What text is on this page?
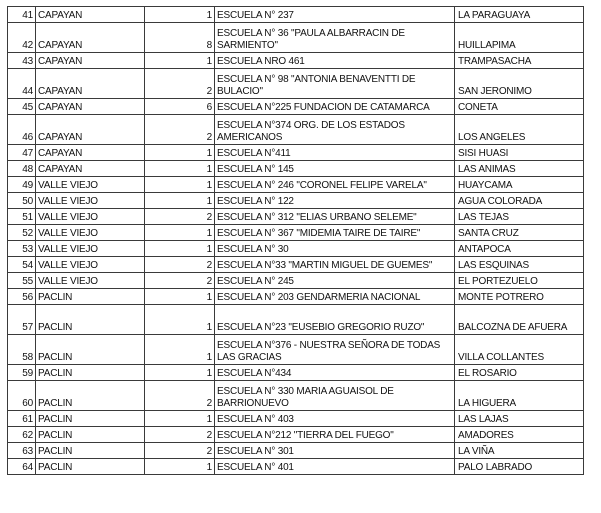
41	CAPAYAN	1	ESCUELA N° 237	LA PARAGUAYA
42	CAPAYAN	8	ESCUELA N° 36 "PAULA ALBARRACIN DE SARMIENTO"	HUILLAPIMA
43	CAPAYAN	1	ESCUELA NRO 461	TRAMPASACHA
44	CAPAYAN	2	ESCUELA N° 98 "ANTONIA BENAVENTTI DE BULACIO"	SAN JERONIMO
45	CAPAYAN	6	ESCUELA N°225 FUNDACION DE CATAMARCA	CONETA
46	CAPAYAN	2	ESCUELA N°374 ORG. DE LOS ESTADOS AMERICANOS	LOS ANGELES
47	CAPAYAN	1	ESCUELA N°411	SISI HUASI
48	CAPAYAN	1	ESCUELA N° 145	LAS ANIMAS
49	VALLE VIEJO	1	ESCUELA N° 246 "CORONEL FELIPE VARELA"	HUAYCAMA
50	VALLE VIEJO	1	ESCUELA N° 122	AGUA COLORADA
51	VALLE VIEJO	2	ESCUELA N° 312 "ELIAS URBANO SELEME"	LAS TEJAS
52	VALLE VIEJO	1	ESCUELA N° 367 "MIDEMIA TAIRE DE TAIRE"	SANTA CRUZ
53	VALLE VIEJO	1	ESCUELA N° 30	ANTAPOCA
54	VALLE VIEJO	2	ESCUELA N°33 "MARTIN MIGUEL DE GUEMES"	LAS ESQUINAS
55	VALLE VIEJO	2	ESCUELA N° 245	EL PORTEZUELO
56	PACLIN	1	ESCUELA N° 203 GENDARMERIA NACIONAL	MONTE POTRERO
57	PACLIN	1	ESCUELA N°23 "EUSEBIO GREGORIO RUZO"	BALCOZNA DE AFUERA
58	PACLIN	1	ESCUELA N°376 - NUESTRA SEÑORA DE TODAS LAS GRACIAS	VILLA COLLANTES
59	PACLIN	1	ESCUELA N°434	EL ROSARIO
60	PACLIN	2	ESCUELA N° 330 MARIA AGUAISOL DE BARRIONUEVO	LA HIGUERA
61	PACLIN	1	ESCUELA N° 403	LAS LAJAS
62	PACLIN	2	ESCUELA N°212 "TIERRA DEL FUEGO"	AMADORES
63	PACLIN	2	ESCUELA N° 301	LA VIÑA
64	PACLIN	1	ESCUELA N° 401	PALO LABRADO
